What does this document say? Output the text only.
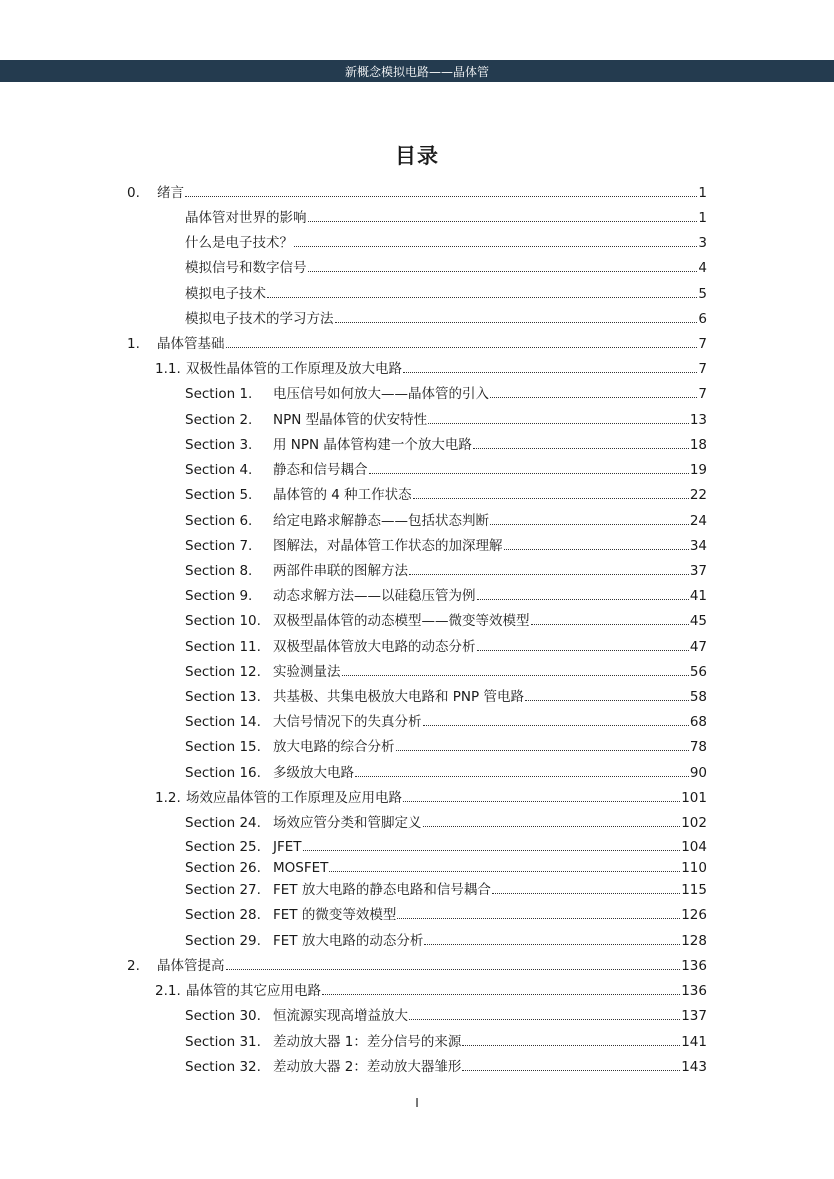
新概念模拟电路——晶体管
目录
0.	绪言	1
晶体管对世界的影响	1
什么是电子技术？	3
模拟信号和数字信号	4
模拟电子技术	5
模拟电子技术的学习方法	6
1.	晶体管基础	7
1.1. 双极性晶体管的工作原理及放大电路	7
Section 1.	电压信号如何放大——晶体管的引入	7
Section 2.	NPN 型晶体管的伏安特性	13
Section 3.	用 NPN 晶体管构建一个放大电路	18
Section 4.	静态和信号耦合	19
Section 5.	晶体管的 4 种工作状态	22
Section 6.	给定电路求解静态——包括状态判断	24
Section 7.	图解法，对晶体管工作状态的加深理解	34
Section 8.	两部件串联的图解方法	37
Section 9.	动态求解方法——以硅稳压管为例	41
Section 10. 双极型晶体管的动态模型——微变等效模型	45
Section 11. 双极型晶体管放大电路的动态分析	47
Section 12. 实验测量法	56
Section 13. 共基极、共集电极放大电路和 PNP 管电路	58
Section 14. 大信号情况下的失真分析	68
Section 15. 放大电路的综合分析	78
Section 16. 多级放大电路	90
1.2. 场效应晶体管的工作原理及应用电路	101
Section 24. 场效应管分类和管脚定义	102
Section 25. JFET	104
Section 26. MOSFET	110
Section 27. FET 放大电路的静态电路和信号耦合	115
Section 28. FET 的微变等效模型	126
Section 29. FET 放大电路的动态分析	128
2.	晶体管提高	136
2.1. 晶体管的其它应用电路	136
Section 30. 恒流源实现高增益放大	137
Section 31. 差动放大器 1：差分信号的来源	141
Section 32. 差动放大器 2：差动放大器雏形	143
I
